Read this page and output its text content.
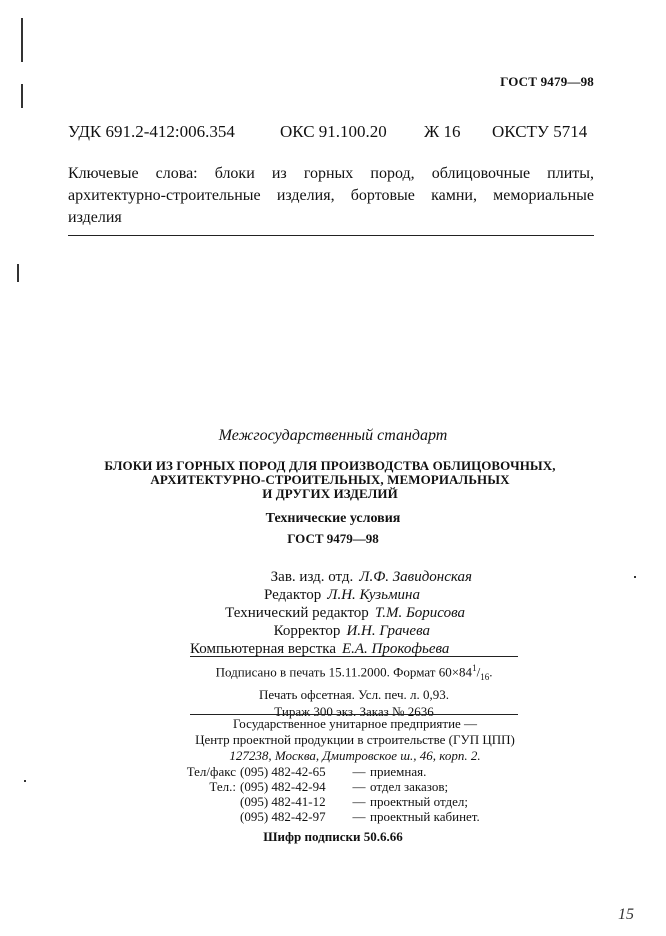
ГОСТ 9479—98
УДК 691.2-412:006.354	ОКС 91.100.20 Ж 16 ОКСТУ 5714
Ключевые слова: блоки из горных пород, облицовочные плиты, архитектурно-строительные изделия, бортовые камни, мемориальные изделия
Межгосударственный стандарт
БЛОКИ ИЗ ГОРНЫХ ПОРОД ДЛЯ ПРОИЗВОДСТВА ОБЛИЦОВОЧНЫХ,
АРХИТЕКТУРНО-СТРОИТЕЛЬНЫХ, МЕМОРИАЛЬНЫХ
И ДРУГИХ ИЗДЕЛИЙ
Технические условия
ГОСТ 9479—98
Зав. изд. отд. Л.Ф. Завидонская
Редактор Л.Н. Кузьмина
Технический редактор Т.М. Борисова
Корректор И.Н. Грачева
Компьютерная верстка Е.А. Прокофьева
Подписано в печать 15.11.2000. Формат $60\times 84^1/_{16}$.
Печать офсетная. Усл. печ. л. 0,93.
Тираж 300 экз. Заказ № 2636
Государственное унитарное предприятие —
Центр проектной продукции в строительстве (ГУП ЦПП)
127238, Москва, Дмитровское ш., 46, корп. 2.
Тел/факс (095) 482-42-65	— приемная.
Тел.: (095) 482-42-94	— отдел заказов;
(095) 482-41-12	— проектный отдел;
(095) 482-42-97	— проектный кабинет.
Шифр подписки 50.6.66
15
